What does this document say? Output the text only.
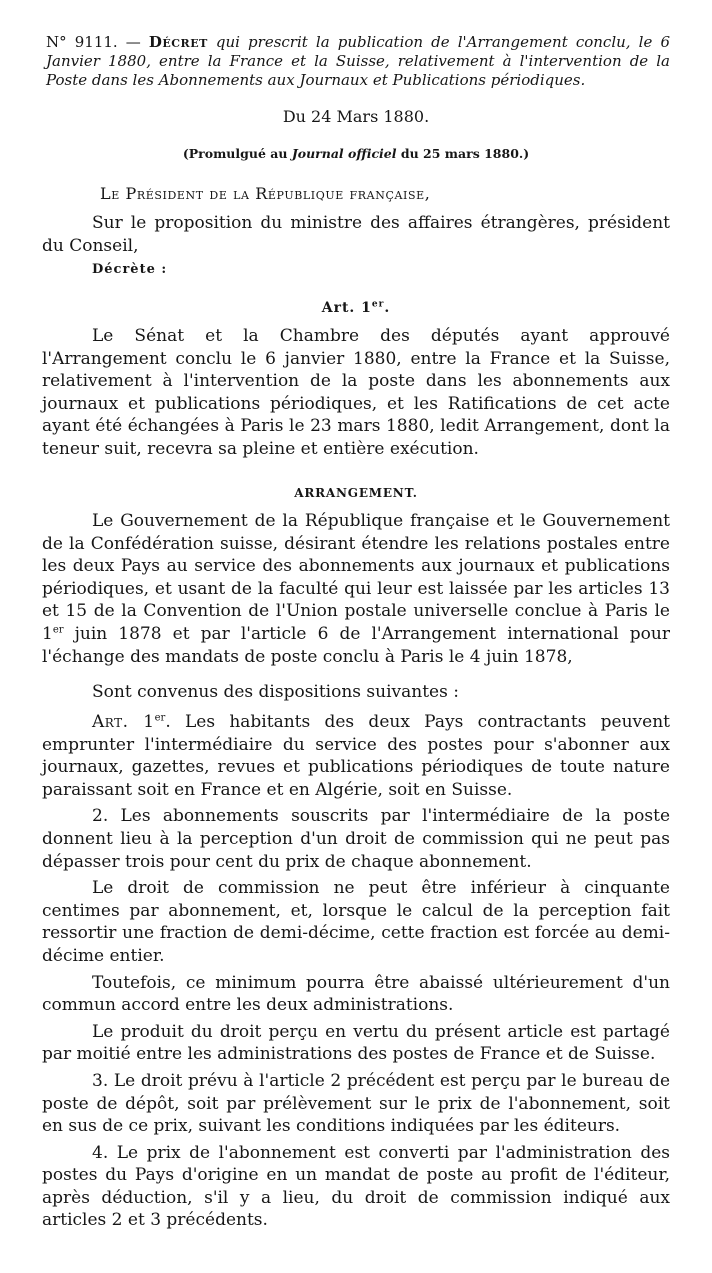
N° 9111. — Décret qui prescrit la publication de l'Arrangement conclu, le 6 Janvier 1880, entre la France et la Suisse, relativement à l'intervention de la Poste dans les Abonnements aux Journaux et Publications périodiques.
Du 24 Mars 1880.
(Promulgué au Journal officiel du 25 mars 1880.)
Le Président de la République française,
Sur le proposition du ministre des affaires étrangères, président du Conseil,
Décrète :
Art. 1er.
Le Sénat et la Chambre des députés ayant approuvé l'Arrangement conclu le 6 janvier 1880, entre la France et la Suisse, relativement à l'intervention de la poste dans les abonnements aux journaux et publications périodiques, et les Ratifications de cet acte ayant été échangées à Paris le 23 mars 1880, ledit Arrangement, dont la teneur suit, recevra sa pleine et entière exécution.
ARRANGEMENT.
Le Gouvernement de la République française et le Gouvernement de la Confédération suisse, désirant étendre les relations postales entre les deux Pays au service des abonnements aux journaux et publications périodiques, et usant de la faculté qui leur est laissée par les articles 13 et 15 de la Convention de l'Union postale universelle conclue à Paris le 1er juin 1878 et par l'article 6 de l'Arrangement international pour l'échange des mandats de poste conclu à Paris le 4 juin 1878,
Sont convenus des dispositions suivantes :

Art. 1er. Les habitants des deux Pays contractants peuvent emprunter l'intermédiaire du service des postes pour s'abonner aux journaux, gazettes, revues et publications périodiques de toute nature paraissant soit en France et en Algérie, soit en Suisse.

2. Les abonnements souscrits par l'intermédiaire de la poste donnent lieu à la perception d'un droit de commission qui ne peut pas dépasser trois pour cent du prix de chaque abonnement.

Le droit de commission ne peut être inférieur à cinquante centimes par abonnement, et, lorsque le calcul de la perception fait ressortir une fraction de demi-décime, cette fraction est forcée au demi-décime entier.

Toutefois, ce minimum pourra être abaissé ultérieurement d'un commun accord entre les deux administrations.

Le produit du droit perçu en vertu du présent article est partagé par moitié entre les administrations des postes de France et de Suisse.

3. Le droit prévu à l'article 2 précédent est perçu par le bureau de poste de dépôt, soit par prélèvement sur le prix de l'abonnement, soit en sus de ce prix, suivant les conditions indiquées par les éditeurs.

4. Le prix de l'abonnement est converti par l'administration des postes du Pays d'origine en un mandat de poste au profit de l'éditeur, après déduction, s'il y a lieu, du droit de commission indiqué aux articles 2 et 3 précédents.
